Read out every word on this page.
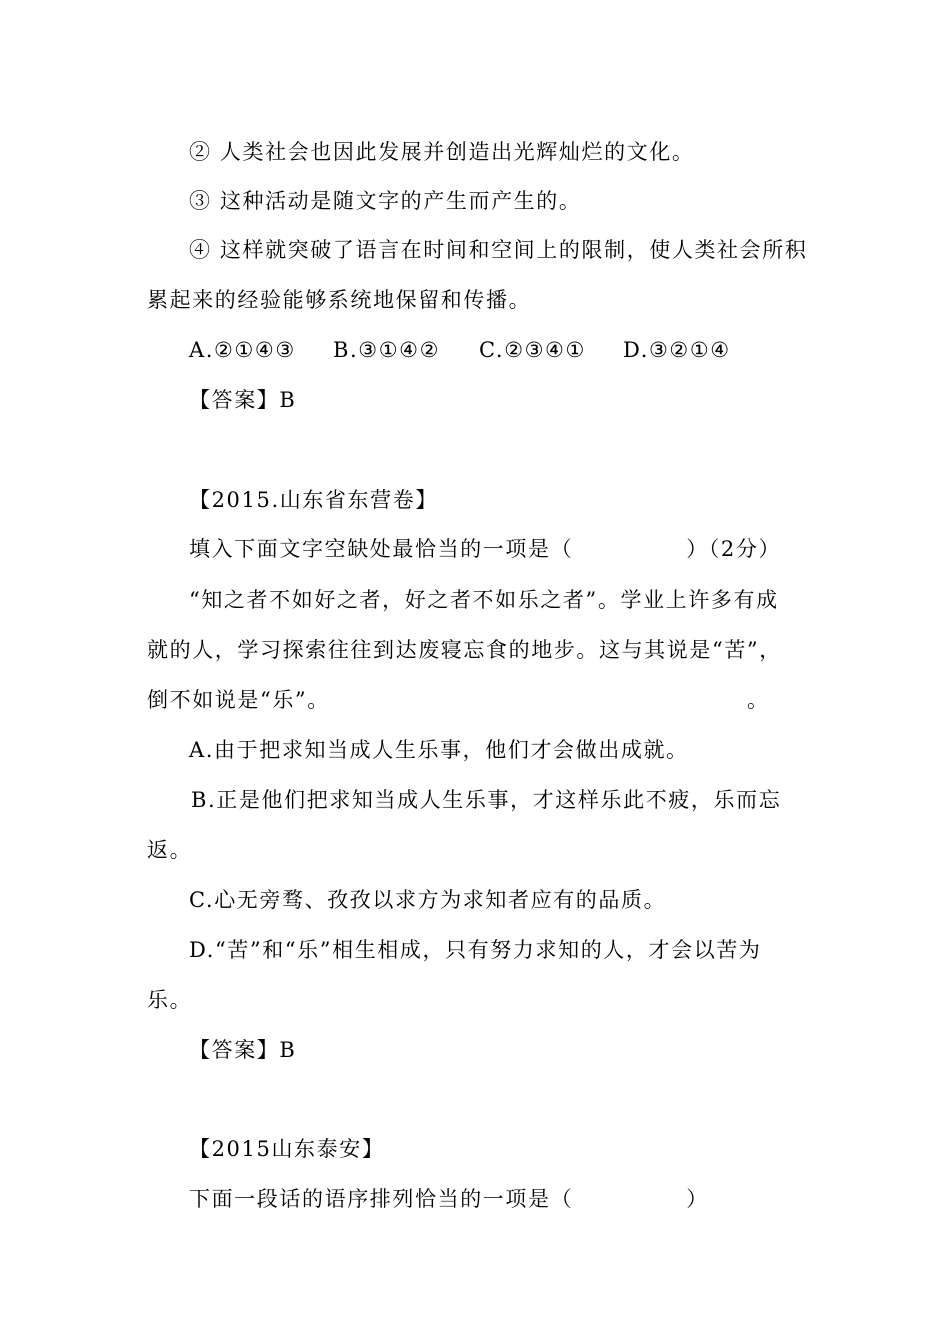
② 人类社会也因此发展并创造出光辉灿烂的文化。
③ 这种活动是随文字的产生而产生的。
④ 这样就突破了语言在时间和空间上的限制，使人类社会所积
累起来的经验能够系统地保留和传播。

A.②①④③

B.③①④②

C.②③④①

D.③②①④

【答案】B
【2015.山东省东营卷】
填入下面文字空缺处最恰当的一项是（　　　　　）（2分）
“知之者不如好之者，好之者不如乐之者”。学业上许多有成
就的人，学习探索往往到达废寝忘食的地步。这与其说是“苦”，
倒不如说是“乐”。	。
A.由于把求知当成人生乐事，他们才会做出成就。
B.正是他们把求知当成人生乐事，才这样乐此不疲，乐而忘
返。
C.心无旁骛、孜孜以求方为求知者应有的品质。
D.“苦”和“乐”相生相成，只有努力求知的人，才会以苦为
乐。
【答案】B
【2015山东泰安】
下面一段话的语序排列恰当的一项是（　　　　　）
